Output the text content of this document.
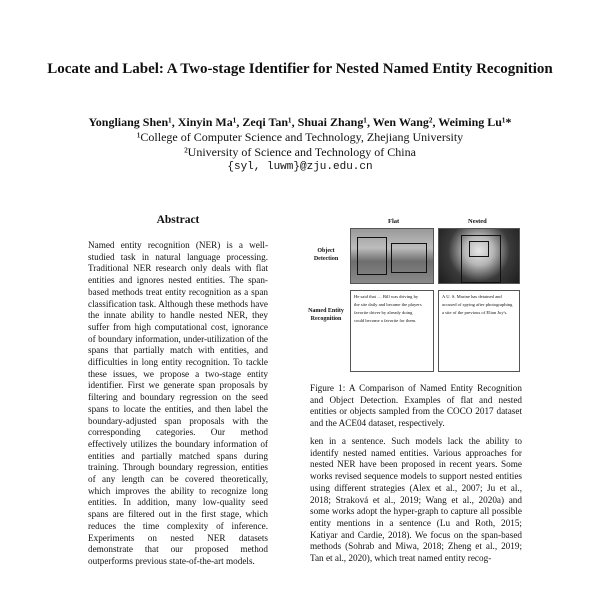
Locate and Label: A Two-stage Identifier for Nested Named Entity Recognition
Yongliang Shen¹, Xinyin Ma¹, Zeqi Tan¹, Shuai Zhang¹, Wen Wang², Weiming Lu¹*
¹College of Computer Science and Technology, Zhejiang University
²University of Science and Technology of China
{syl, luwm}@zju.edu.cn
Abstract
Named entity recognition (NER) is a well-studied task in natural language processing. Traditional NER research only deals with flat entities and ignores nested entities. The span-based methods treat entity recognition as a span classification task. Although these methods have the innate ability to handle nested NER, they suffer from high computational cost, ignorance of boundary information, under-utilization of the spans that partially match with entities, and difficulties in long entity recognition. To tackle these issues, we propose a two-stage entity identifier. First we generate span proposals by filtering and boundary regression on the seed spans to locate the entities, and then label the boundary-adjusted span proposals with the corresponding categories. Our method effectively utilizes the boundary information of entities and partially matched spans during training. Through boundary regression, entities of any length can be covered theoretically, which improves the ability to recognize long entities. In addition, many low-quality seed spans are filtered out in the first stage, which reduces the time complexity of inference. Experiments on nested NER datasets demonstrate that our proposed method outperforms previous state-of-the-art models.
Flat	Nested
Object Detection
Named Entity Recognition
He said that … Bill was driving by
the site daily and became the players
favorite driver by already doing
could become a favorite for them.
A U. S. Marine has detained and
accused of spying after photographing
a site of the previous of Elian Joy's.
Figure 1: A Comparison of Named Entity Recognition and Object Detection. Examples of flat and nested entities or objects sampled from the COCO 2017 dataset and the ACE04 dataset, respectively.
ken in a sentence. Such models lack the ability to identify nested named entities. Various approaches for nested NER have been proposed in recent years. Some works revised sequence models to support nested entities using different strategies (Alex et al., 2007; Ju et al., 2018; Straková et al., 2019; Wang et al., 2020a) and some works adopt the hyper-graph to capture all possible entity mentions in a sentence (Lu and Roth, 2015; Katiyar and Cardie, 2018). We focus on the span-based methods (Sohrab and Miwa, 2018; Zheng et al., 2019; Tan et al., 2020), which treat named entity recog-
